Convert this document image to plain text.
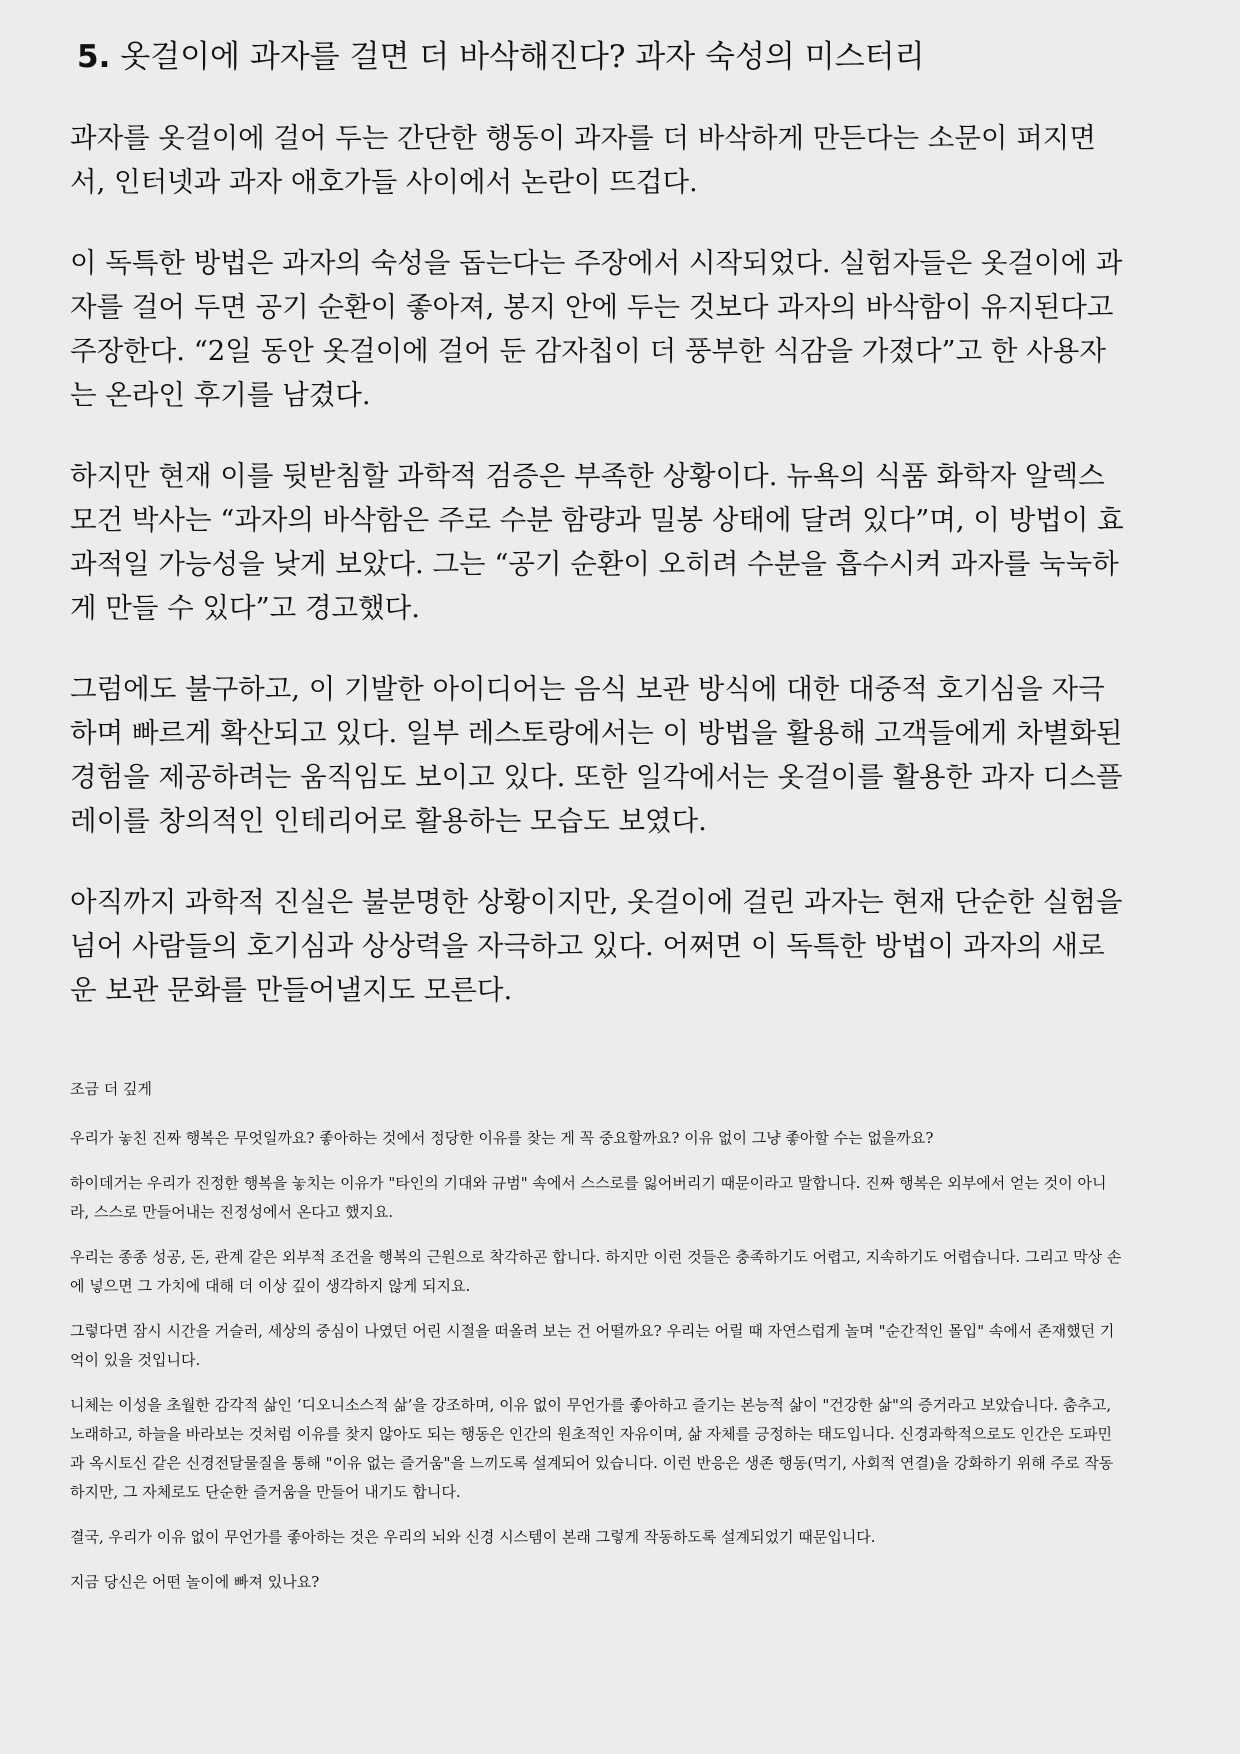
5. 옷걸이에 과자를 걸면 더 바삭해진다? 과자 숙성의 미스터리

과자를 옷걸이에 걸어 두는 간단한 행동이 과자를 더 바삭하게 만든다는 소문이 퍼지면서, 인터넷과 과자 애호가들 사이에서 논란이 뜨겁다.

이 독특한 방법은 과자의 숙성을 돕는다는 주장에서 시작되었다. 실험자들은 옷걸이에 과자를 걸어 두면 공기 순환이 좋아져, 봉지 안에 두는 것보다 과자의 바삭함이 유지된다고 주장한다. “2일 동안 옷걸이에 걸어 둔 감자칩이 더 풍부한 식감을 가졌다”고 한 사용자는 온라인 후기를 남겼다.

하지만 현재 이를 뒷받침할 과학적 검증은 부족한 상황이다. 뉴욕의 식품 화학자 알렉스 모건 박사는 “과자의 바삭함은 주로 수분 함량과 밀봉 상태에 달려 있다”며, 이 방법이 효과적일 가능성을 낮게 보았다. 그는 “공기 순환이 오히려 수분을 흡수시켜 과자를 눅눅하게 만들 수 있다”고 경고했다.

그럼에도 불구하고, 이 기발한 아이디어는 음식 보관 방식에 대한 대중적 호기심을 자극하며 빠르게 확산되고 있다. 일부 레스토랑에서는 이 방법을 활용해 고객들에게 차별화된 경험을 제공하려는 움직임도 보이고 있다. 또한 일각에서는 옷걸이를 활용한 과자 디스플레이를 창의적인 인테리어로 활용하는 모습도 보였다.

아직까지 과학적 진실은 불분명한 상황이지만, 옷걸이에 걸린 과자는 현재 단순한 실험을 넘어 사람들의 호기심과 상상력을 자극하고 있다. 어쩌면 이 독특한 방법이 과자의 새로운 보관 문화를 만들어낼지도 모른다.

조금 더 깊게

우리가 놓친 진짜 행복은 무엇일까요? 좋아하는 것에서 정당한 이유를 찾는 게 꼭 중요할까요? 이유 없이 그냥 좋아할 수는 없을까요?

하이데거는 우리가 진정한 행복을 놓치는 이유가 "타인의 기대와 규범" 속에서 스스로를 잃어버리기 때문이라고 말합니다. 진짜 행복은 외부에서 얻는 것이 아니라, 스스로 만들어내는 진정성에서 온다고 했지요.

우리는 종종 성공, 돈, 관계 같은 외부적 조건을 행복의 근원으로 착각하곤 합니다. 하지만 이런 것들은 충족하기도 어렵고, 지속하기도 어렵습니다. 그리고 막상 손에 넣으면 그 가치에 대해 더 이상 깊이 생각하지 않게 되지요.

그렇다면 잠시 시간을 거슬러, 세상의 중심이 나였던 어린 시절을 떠올려 보는 건 어떨까요? 우리는 어릴 때 자연스럽게 놀며 "순간적인 몰입" 속에서 존재했던 기억이 있을 것입니다.

니체는 이성을 초월한 감각적 삶인 ‘디오니소스적 삶’을 강조하며, 이유 없이 무언가를 좋아하고 즐기는 본능적 삶이 "건강한 삶"의 증거라고 보았습니다. 춤추고, 노래하고, 하늘을 바라보는 것처럼 이유를 찾지 않아도 되는 행동은 인간의 원초적인 자유이며, 삶 자체를 긍정하는 태도입니다. 신경과학적으로도 인간은 도파민과 옥시토신 같은 신경전달물질을 통해 "이유 없는 즐거움"을 느끼도록 설계되어 있습니다. 이런 반응은 생존 행동(먹기, 사회적 연결)을 강화하기 위해 주로 작동하지만, 그 자체로도 단순한 즐거움을 만들어 내기도 합니다.

결국, 우리가 이유 없이 무언가를 좋아하는 것은 우리의 뇌와 신경 시스템이 본래 그렇게 작동하도록 설계되었기 때문입니다.

지금 당신은 어떤 놀이에 빠져 있나요?
